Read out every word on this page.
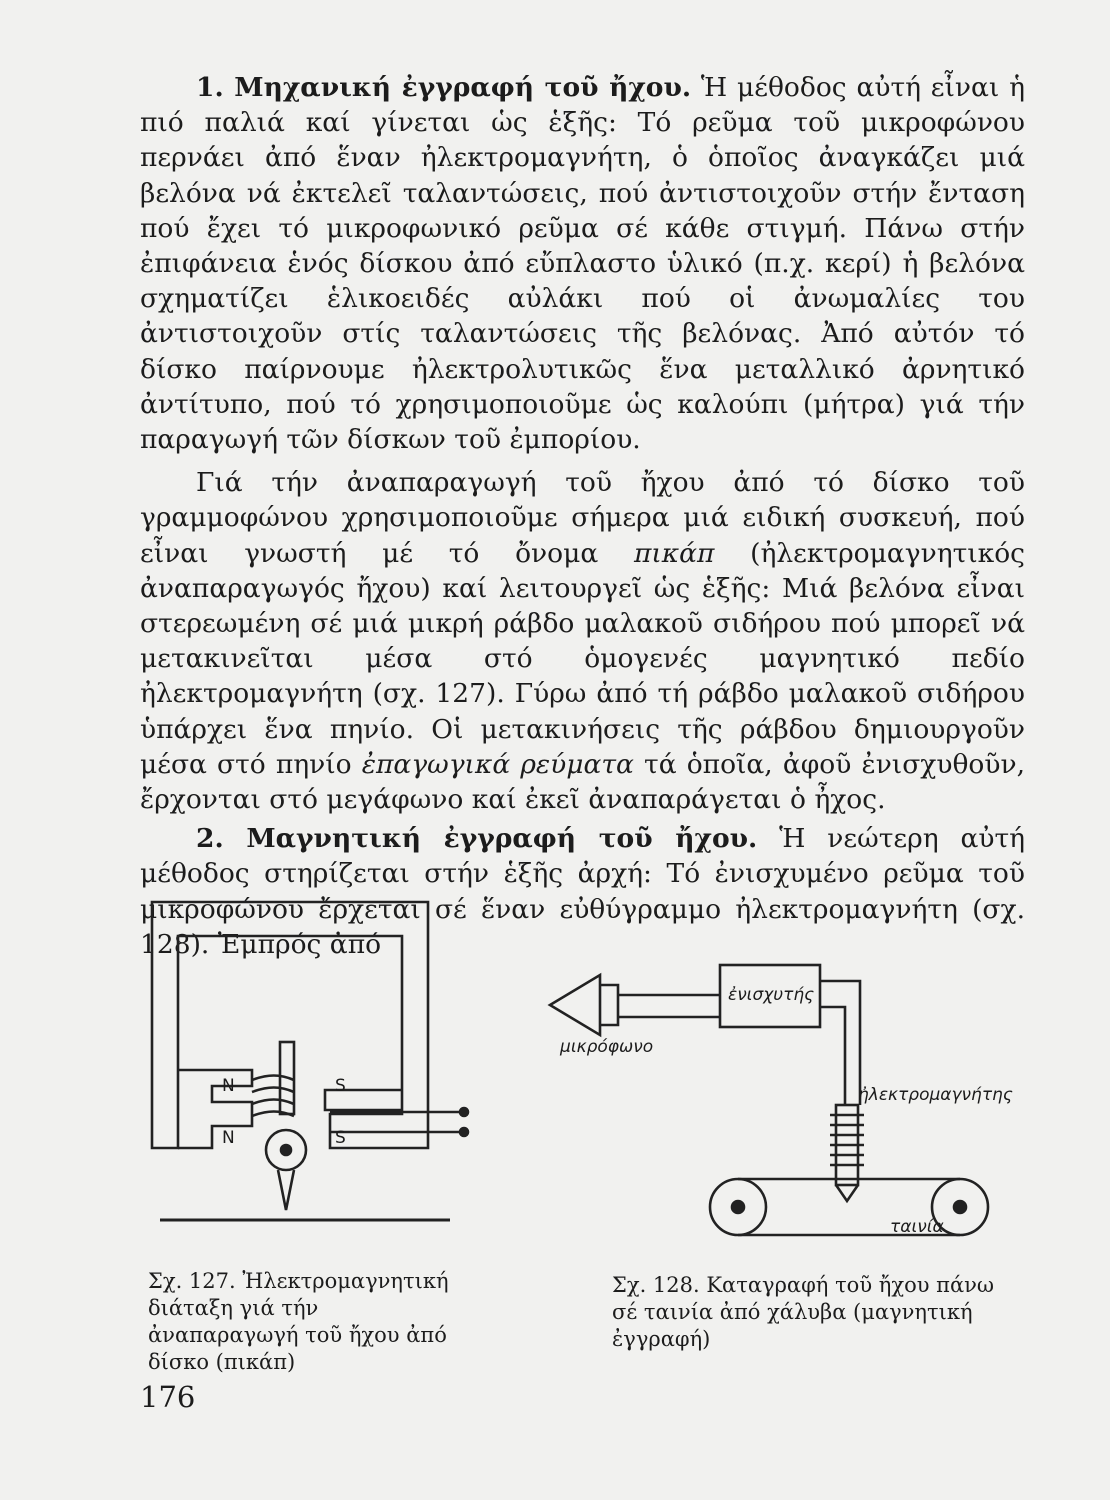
1. Μηχανική ἐγγραφή τοῦ ἤχου. Ἡ μέθοδος αὐτή εἶναι ἡ πιό παλιά καί γίνεται ὡς ἑξῆς: Τό ρεῦμα τοῦ μικροφώνου περνάει ἀπό ἕναν ἠλεκτρομαγνήτη, ὁ ὁποῖος ἀναγκάζει μιά βελόνα νά ἐκτελεῖ ταλαντώσεις, πού ἀντιστοιχοῦν στήν ἔνταση πού ἔχει τό μικροφωνικό ρεῦμα σέ κάθε στιγμή. Πάνω στήν ἐπιφάνεια ἑνός δίσκου ἀπό εὔπλαστο ὑλικό (π.χ. κερί) ἡ βελόνα σχηματίζει ἑλικοειδές αὐλάκι πού οἱ ἀνωμαλίες του ἀντιστοιχοῦν στίς ταλαντώσεις τῆς βελόνας. Ἀπό αὐτόν τό δίσκο παίρνουμε ἠλεκτρολυτικῶς ἕνα μεταλλικό ἀρνητικό ἀντίτυπο, πού τό χρησιμοποιοῦμε ὡς καλούπι (μήτρα) γιά τήν παραγωγή τῶν δίσκων τοῦ ἐμπορίου.

Γιά τήν ἀναπαραγωγή τοῦ ἤχου ἀπό τό δίσκο τοῦ γραμμοφώνου χρησιμοποιοῦμε σήμερα μιά ειδική συσκευή, πού εἶναι γνωστή μέ τό ὄνομα πικάπ (ἠλεκτρομαγνητικός ἀναπαραγωγός ἤχου) καί λειτουργεῖ ὡς ἑξῆς: Μιά βελόνα εἶναι στερεωμένη σέ μιά μικρή ράβδο μαλακοῦ σιδήρου πού μπορεῖ νά μετακινεῖται μέσα στό ὁμογενές μαγνητικό πεδίο ἠλεκτρομαγνήτη (σχ. 127). Γύρω ἀπό τή ράβδο μαλακοῦ σιδήρου ὑπάρχει ἕνα πηνίο. Οἱ μετακινήσεις τῆς ράβδου δημιουργοῦν μέσα στό πηνίο ἐπαγωγικά ρεύματα τά ὁποῖα, ἀφοῦ ἐνισχυθοῦν, ἔρχονται στό μεγάφωνο καί ἐκεῖ ἀναπαράγεται ὁ ἦχος.

2. Μαγνητική ἐγγραφή τοῦ ἤχου. Ἡ νεώτερη αὐτή μέθοδος στηρίζεται στήν ἑξῆς ἀρχή: Τό ἐνισχυμένο ρεῦμα τοῦ μικροφώνου ἔρχεται σέ ἕναν εὐθύγραμμο ἠλεκτρομαγνήτη (σχ. 128). Ἐμπρός ἀπό

N	S
N	S
Σχ. 127. Ἠλεκτρομαγνητική διάταξη γιά τήν ἀναπαραγωγή τοῦ ἤχου ἀπό δίσκο (πικάπ)
ἐνισχυτής
μικρόφωνο
ἠλεκτρομαγνήτης
ταινία
Σχ. 128. Καταγραφή τοῦ ἤχου πάνω σέ ταινία ἀπό χάλυβα (μαγνητική ἐγγραφή)
176
